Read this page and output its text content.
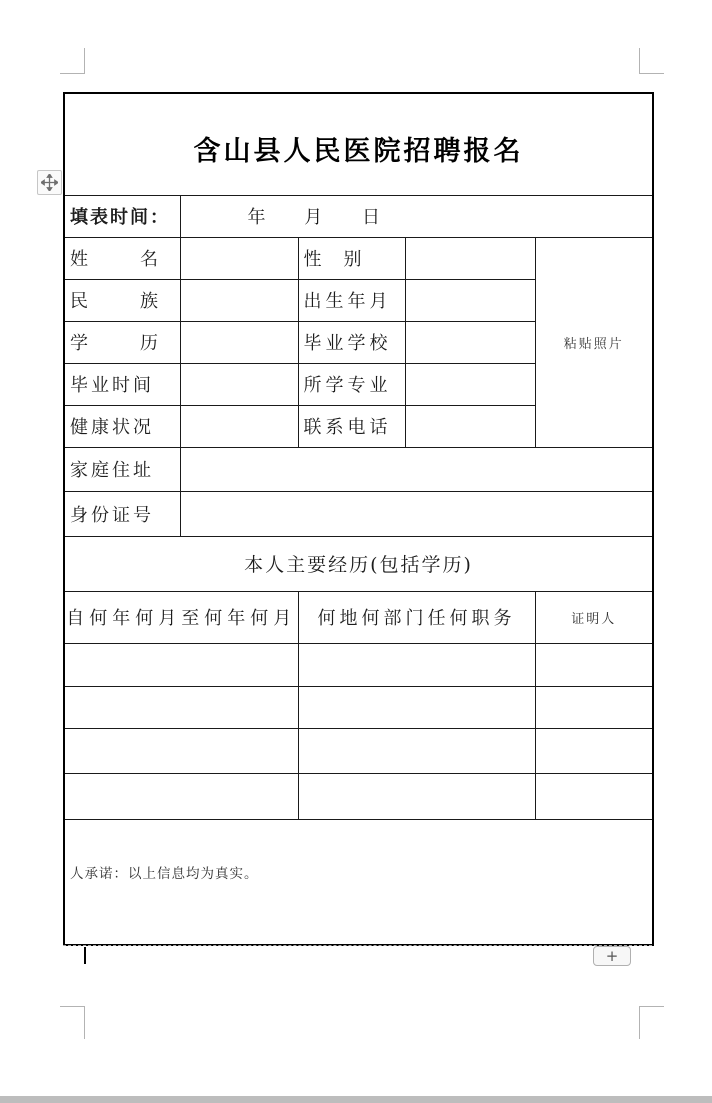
含山县人民医院招聘报名				
填表时间：	年 月 日			
姓名		性别		粘贴照片
民族		出生年月		
学历		毕业学校		
毕业时间		所学专业		
健康状况		联系电话		
家庭住址				
身份证号				
本人主要经历(包括学历)				
自何年何月至何年何月		何地何部门任何职务		证明人

人承诺：以上信息均为真实。				
+
